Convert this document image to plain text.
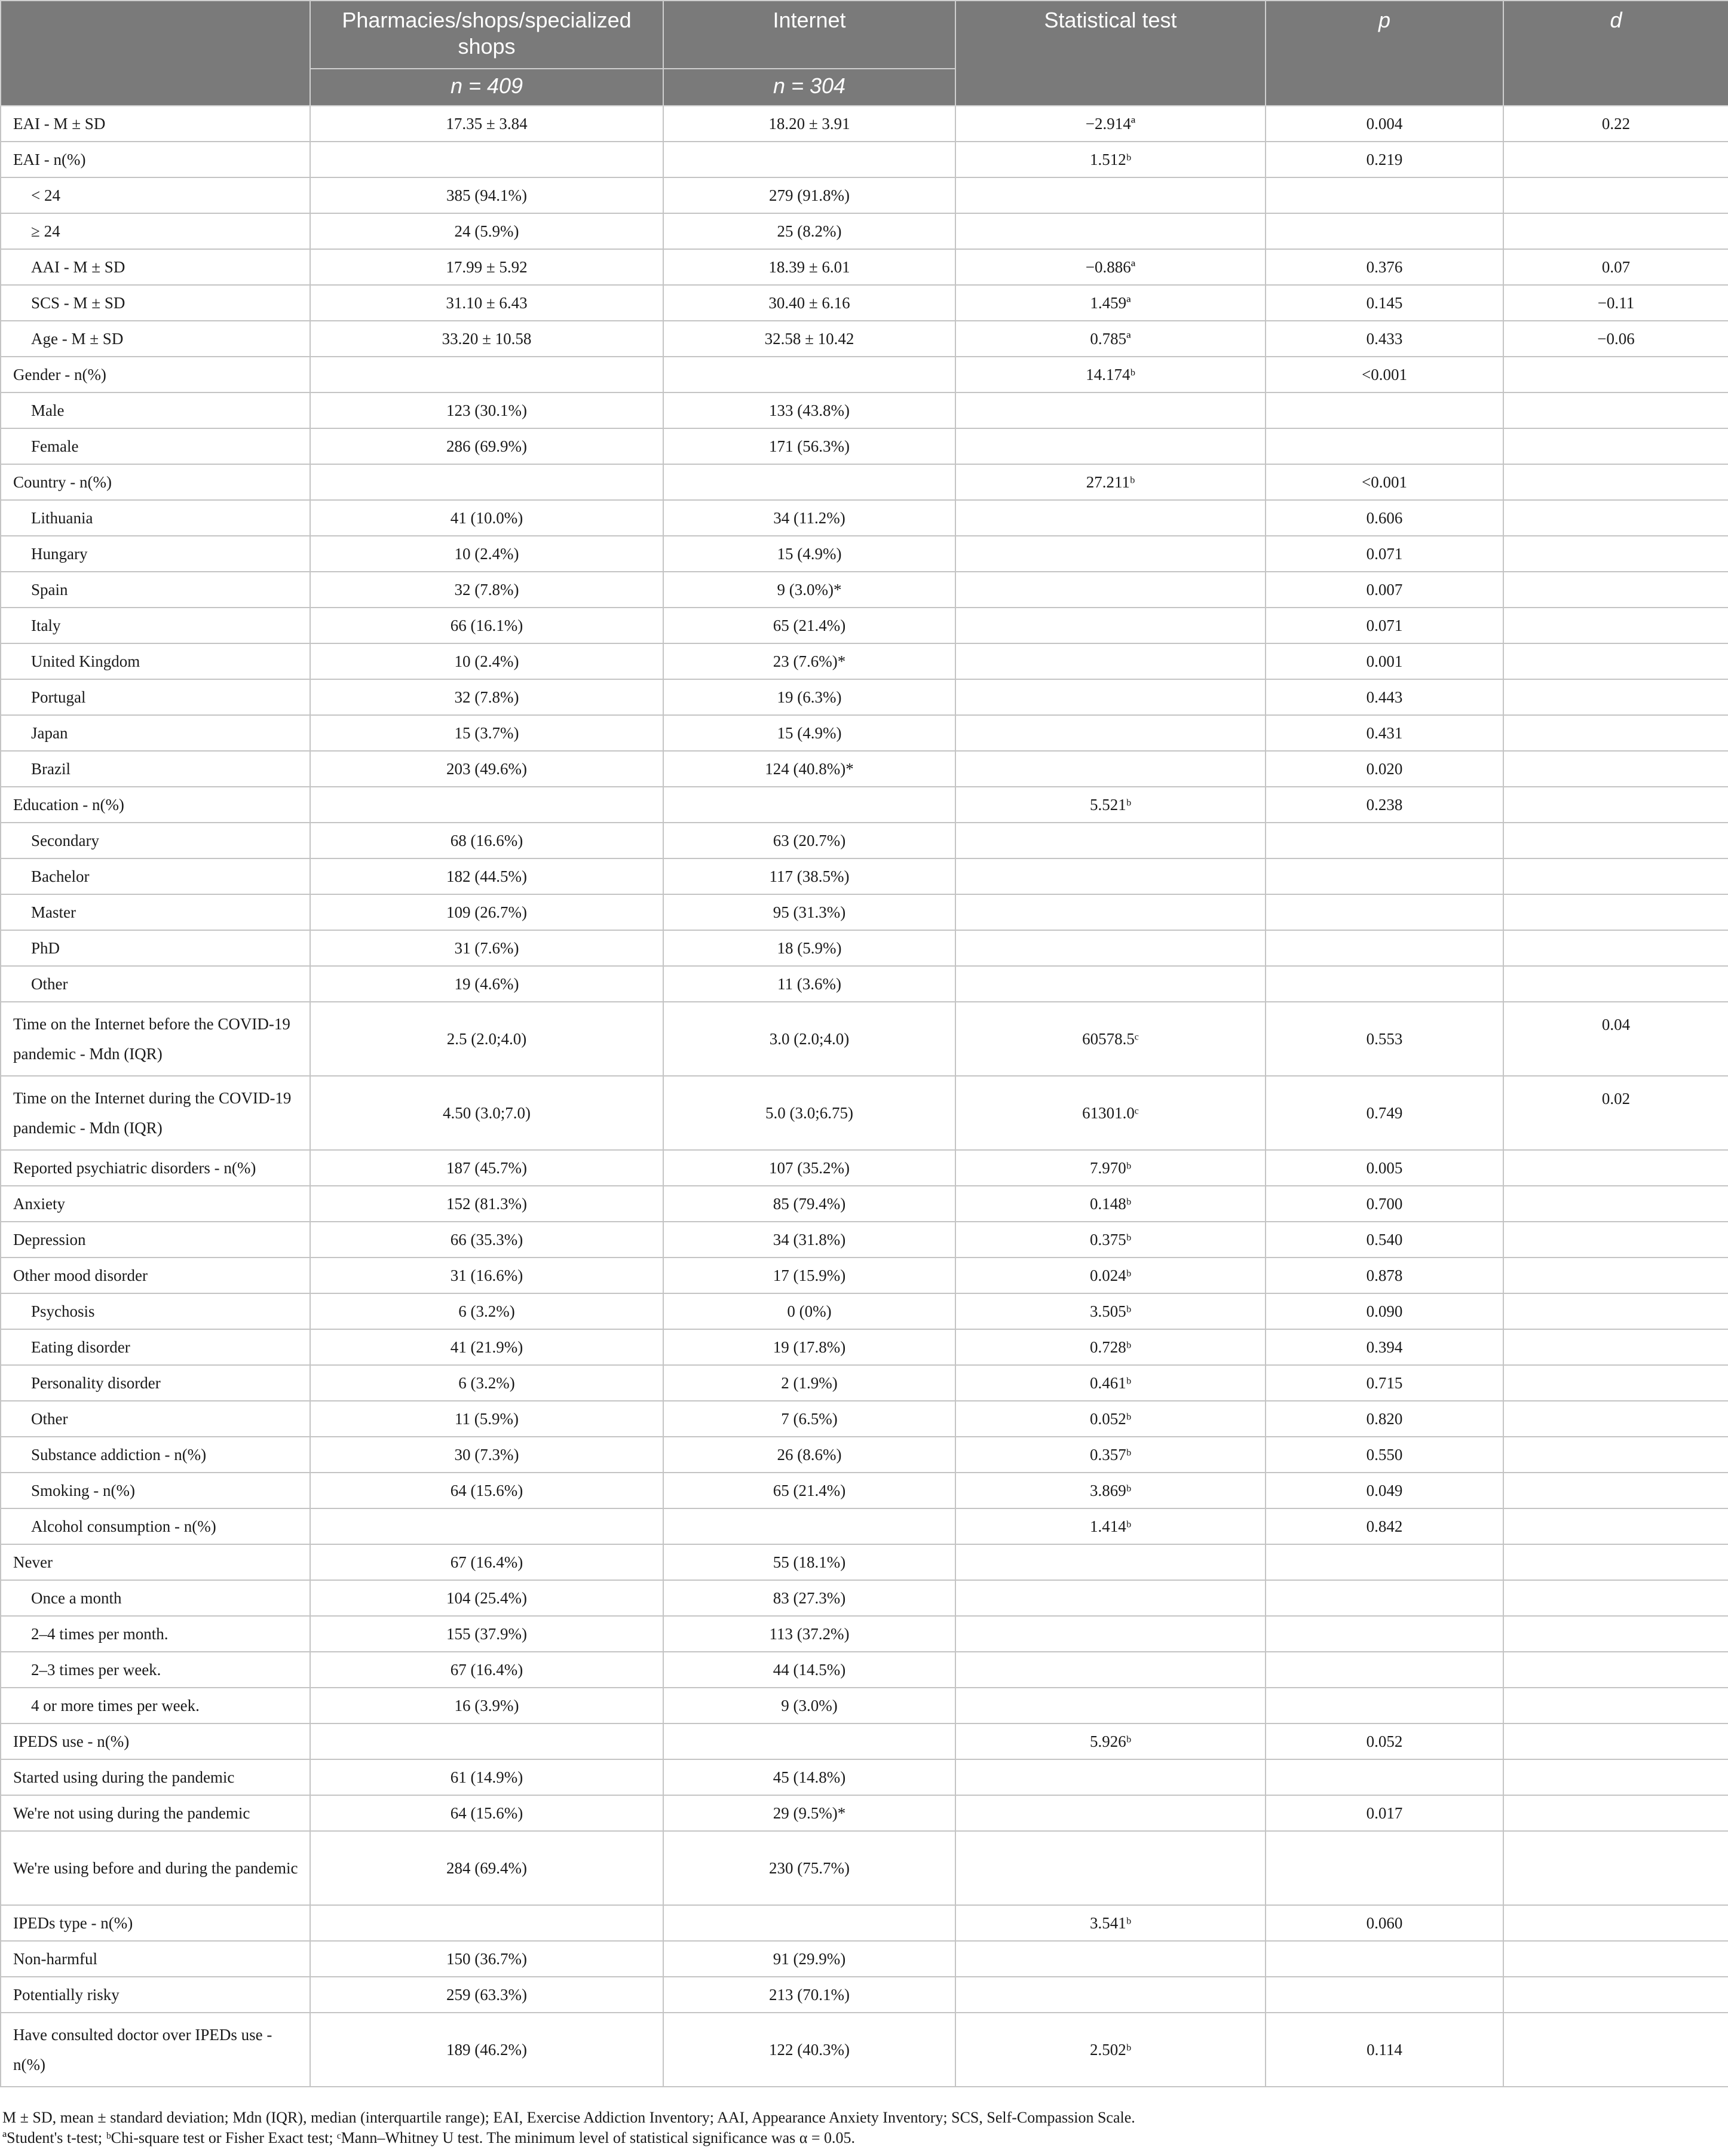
	Pharmacies/shops/specialized shops	Internet	Statistical test	p	d
	n = 409	n = 304			
EAI - M ± SD	17.35 ± 3.84	18.20 ± 3.91	−2.914ª	0.004	0.22
EAI - n(%)			1.512ᵇ	0.219	
< 24	385 (94.1%)	279 (91.8%)			
≥ 24	24 (5.9%)	25 (8.2%)			
AAI - M ± SD	17.99 ± 5.92	18.39 ± 6.01	−0.886ª	0.376	0.07
SCS - M ± SD	31.10 ± 6.43	30.40 ± 6.16	1.459ª	0.145	−0.11
Age - M ± SD	33.20 ± 10.58	32.58 ± 10.42	0.785ª	0.433	−0.06
Gender - n(%)			14.174ᵇ	<0.001	
Male	123 (30.1%)	133 (43.8%)			
Female	286 (69.9%)	171 (56.3%)			
Country - n(%)			27.211ᵇ	<0.001	
Lithuania	41 (10.0%)	34 (11.2%)		0.606	
Hungary	10 (2.4%)	15 (4.9%)		0.071	
Spain	32 (7.8%)	9 (3.0%)*		0.007	
Italy	66 (16.1%)	65 (21.4%)		0.071	
United Kingdom	10 (2.4%)	23 (7.6%)*		0.001	
Portugal	32 (7.8%)	19 (6.3%)		0.443	
Japan	15 (3.7%)	15 (4.9%)		0.431	
Brazil	203 (49.6%)	124 (40.8%)*		0.020	
Education - n(%)			5.521ᵇ	0.238	
Secondary	68 (16.6%)	63 (20.7%)			
Bachelor	182 (44.5%)	117 (38.5%)			
Master	109 (26.7%)	95 (31.3%)			
PhD	31 (7.6%)	18 (5.9%)			
Other	19 (4.6%)	11 (3.6%)			
Time on the Internet before the COVID-19 pandemic - Mdn (IQR)	2.5 (2.0;4.0)	3.0 (2.0;4.0)	60578.5ᶜ	0.553	0.04
Time on the Internet during the COVID-19 pandemic - Mdn (IQR)	4.50 (3.0;7.0)	5.0 (3.0;6.75)	61301.0ᶜ	0.749	0.02
Reported psychiatric disorders - n(%)	187 (45.7%)	107 (35.2%)	7.970ᵇ	0.005	
Anxiety	152 (81.3%)	85 (79.4%)	0.148ᵇ	0.700	
Depression	66 (35.3%)	34 (31.8%)	0.375ᵇ	0.540	
Other mood disorder	31 (16.6%)	17 (15.9%)	0.024ᵇ	0.878	
Psychosis	6 (3.2%)	0 (0%)	3.505ᵇ	0.090	
Eating disorder	41 (21.9%)	19 (17.8%)	0.728ᵇ	0.394	
Personality disorder	6 (3.2%)	2 (1.9%)	0.461ᵇ	0.715	
Other	11 (5.9%)	7 (6.5%)	0.052ᵇ	0.820	
Substance addiction - n(%)	30 (7.3%)	26 (8.6%)	0.357ᵇ	0.550	
Smoking - n(%)	64 (15.6%)	65 (21.4%)	3.869ᵇ	0.049	
Alcohol consumption - n(%)			1.414ᵇ	0.842	
Never	67 (16.4%)	55 (18.1%)			
Once a month	104 (25.4%)	83 (27.3%)			
2–4 times per month.	155 (37.9%)	113 (37.2%)			
2–3 times per week.	67 (16.4%)	44 (14.5%)			
4 or more times per week.	16 (3.9%)	9 (3.0%)			
IPEDS use - n(%)			5.926ᵇ	0.052	
Started using during the pandemic	61 (14.9%)	45 (14.8%)			
We're not using during the pandemic	64 (15.6%)	29 (9.5%)*		0.017	
We're using before and during the pandemic	284 (69.4%)	230 (75.7%)			
IPEDs type - n(%)			3.541ᵇ	0.060	
Non-harmful	150 (36.7%)	91 (29.9%)			
Potentially risky	259 (63.3%)	213 (70.1%)			
Have consulted doctor over IPEDs use - n(%)	189 (46.2%)	122 (40.3%)	2.502ᵇ	0.114	

M ± SD, mean ± standard deviation; Mdn (IQR), median (interquartile range); EAI, Exercise Addiction Inventory; AAI, Appearance Anxiety Inventory; SCS, Self-Compassion Scale.

ªStudent's t-test; ᵇChi-square test or Fisher Exact test; ᶜMann–Whitney U test. The minimum level of statistical significance was α = 0.05.
